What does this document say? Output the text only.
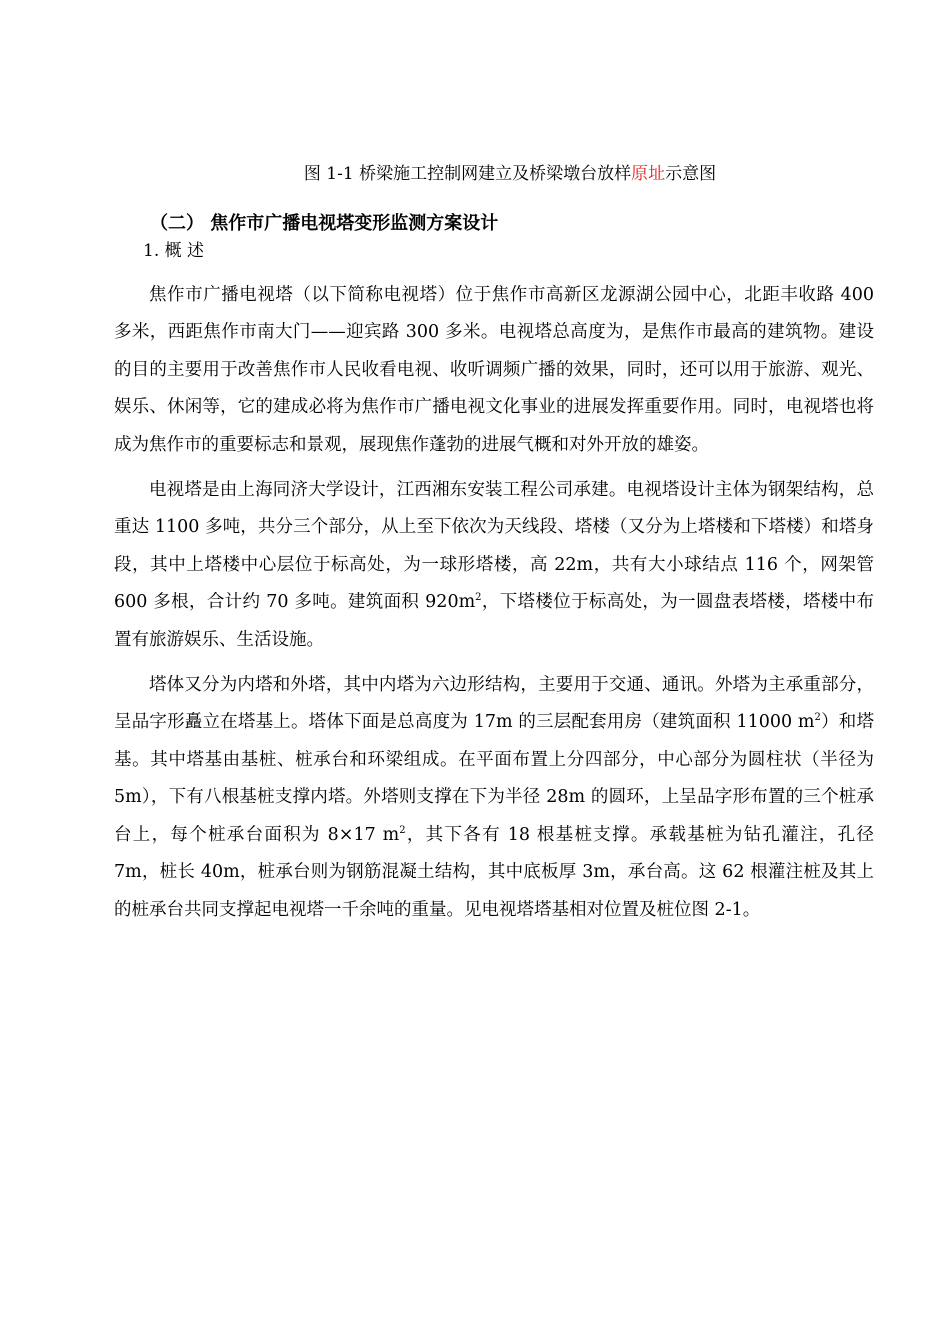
图 1-1 桥梁施工控制网建立及桥梁墩台放样原址示意图
（二） 焦作市广播电视塔变形监测方案设计
1. 概 述

焦作市广播电视塔（以下简称电视塔）位于焦作市高新区龙源湖公园中心，北距丰收路 400 多米，西距焦作市南大门——迎宾路 300 多米。电视塔总高度为，是焦作市最高的建筑物。建设的目的主要用于改善焦作市人民收看电视、收听调频广播的效果，同时，还可以用于旅游、观光、娱乐、休闲等，它的建成必将为焦作市广播电视文化事业的进展发挥重要作用。同时，电视塔也将成为焦作市的重要标志和景观，展现焦作蓬勃的进展气概和对外开放的雄姿。

电视塔是由上海同济大学设计，江西湘东安装工程公司承建。电视塔设计主体为钢架结构，总重达 1100 多吨，共分三个部分，从上至下依次为天线段、塔楼（又分为上塔楼和下塔楼）和塔身段，其中上塔楼中心层位于标高处，为一球形塔楼，高 22m，共有大小球结点 116 个，网架管 600 多根，合计约 70 多吨。建筑面积 $920m^2$，下塔楼位于标高处，为一圆盘表塔楼，塔楼中布置有旅游娱乐、生活设施。

塔体又分为内塔和外塔，其中内塔为六边形结构，主要用于交通、通讯。外塔为主承重部分，呈品字形矗立在塔基上。塔体下面是总高度为 17m 的三层配套用房（建筑面积 11000 $m^2$）和塔基。其中塔基由基桩、桩承台和环梁组成。在平面布置上分四部分，中心部分为圆柱状（半径为 5m），下有八根基桩支撑内塔。外塔则支撑在下为半径 28m 的圆环，上呈品字形布置的三个桩承台上，每个桩承台面积为 8×17 $m^2$，其下各有 18 根基桩支撑。承载基桩为钻孔灌注，孔径 7m，桩长 40m，桩承台则为钢筋混凝土结构，其中底板厚 3m，承台高。这 62 根灌注桩及其上的桩承台共同支撑起电视塔一千余吨的重量。见电视塔塔基相对位置及桩位图 2-1。
